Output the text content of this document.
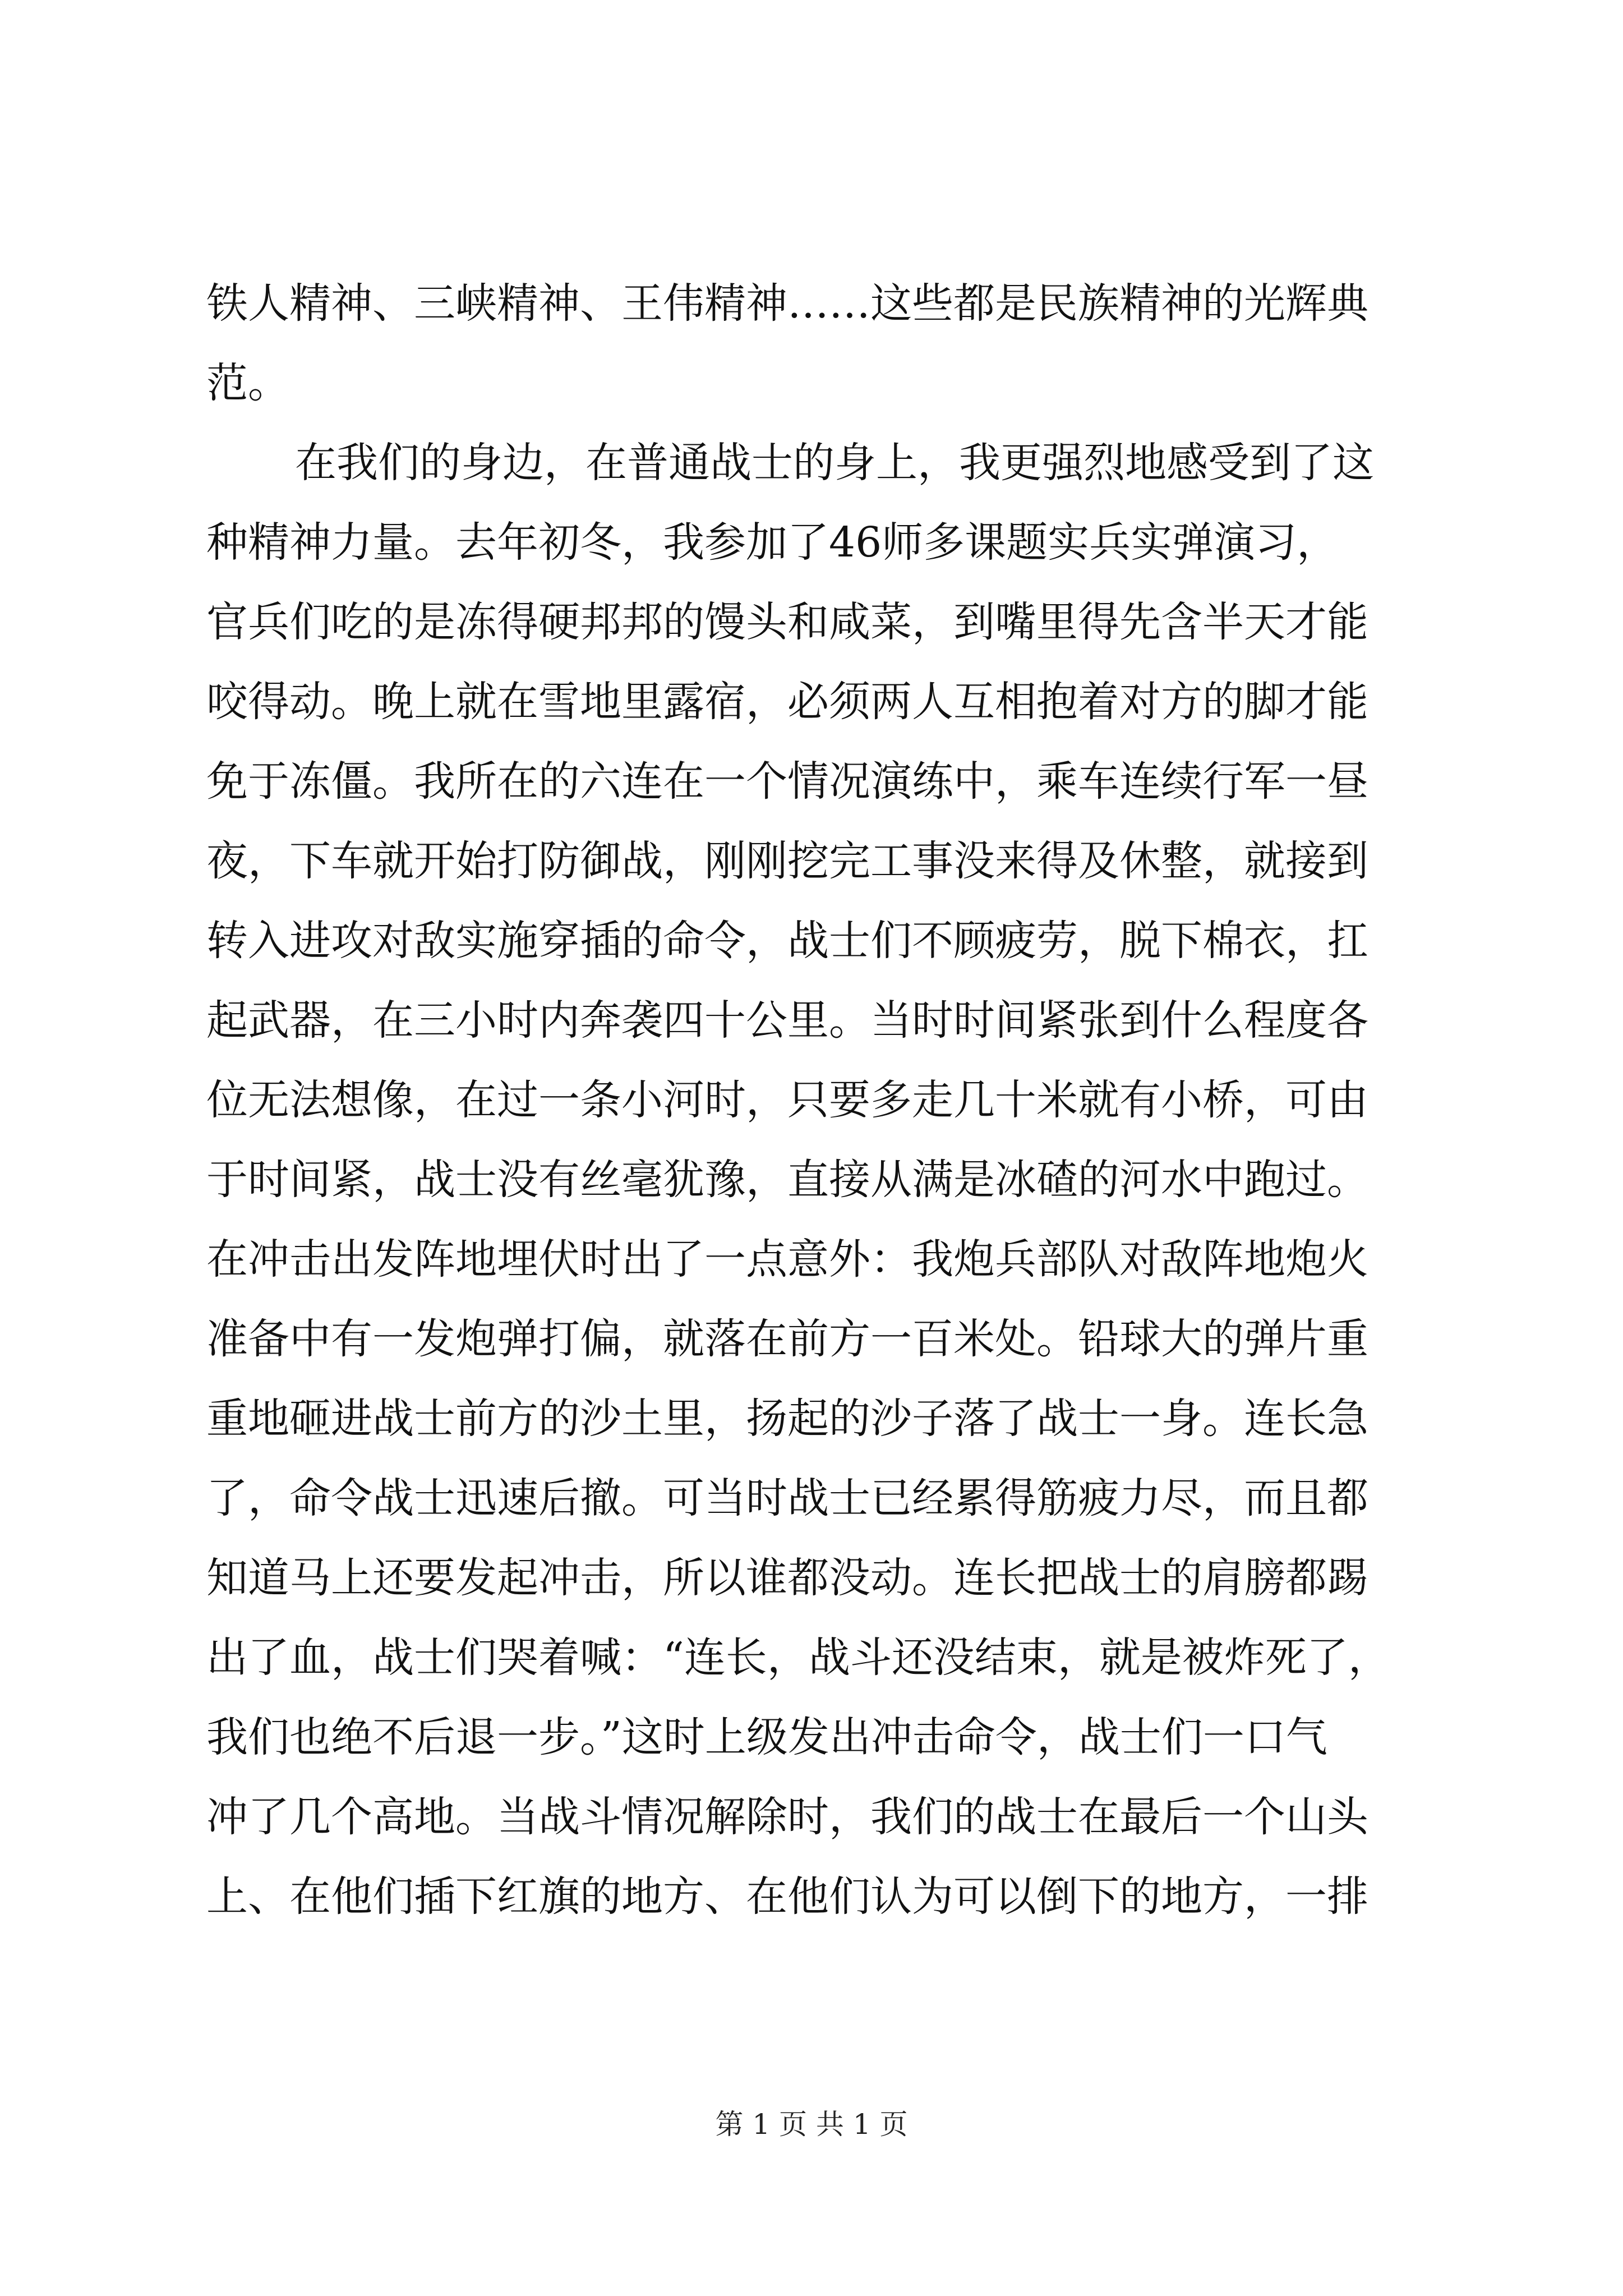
铁人精神、三峡精神、王伟精神……这些都是民族精神的光辉典
范。
在我们的身边，在普通战士的身上，我更强烈地感受到了这
种精神力量。去年初冬，我参加了46师多课题实兵实弹演习，
官兵们吃的是冻得硬邦邦的馒头和咸菜，到嘴里得先含半天才能
咬得动。晚上就在雪地里露宿，必须两人互相抱着对方的脚才能
免于冻僵。我所在的六连在一个情况演练中，乘车连续行军一昼
夜，下车就开始打防御战，刚刚挖完工事没来得及休整，就接到
转入进攻对敌实施穿插的命令，战士们不顾疲劳，脱下棉衣，扛
起武器，在三小时内奔袭四十公里。当时时间紧张到什么程度各
位无法想像，在过一条小河时，只要多走几十米就有小桥，可由
于时间紧，战士没有丝毫犹豫，直接从满是冰碴的河水中跑过。
在冲击出发阵地埋伏时出了一点意外：我炮兵部队对敌阵地炮火
准备中有一发炮弹打偏，就落在前方一百米处。铅球大的弹片重
重地砸进战士前方的沙土里，扬起的沙子落了战士一身。连长急
了，命令战士迅速后撤。可当时战士已经累得筋疲力尽，而且都
知道马上还要发起冲击，所以谁都没动。连长把战士的肩膀都踢
出了血，战士们哭着喊：“连长，战斗还没结束，就是被炸死了，
我们也绝不后退一步。”这时上级发出冲击命令，战士们一口气
冲了几个高地。当战斗情况解除时，我们的战士在最后一个山头
上、在他们插下红旗的地方、在他们认为可以倒下的地方，一排
第 1 页 共 1 页
